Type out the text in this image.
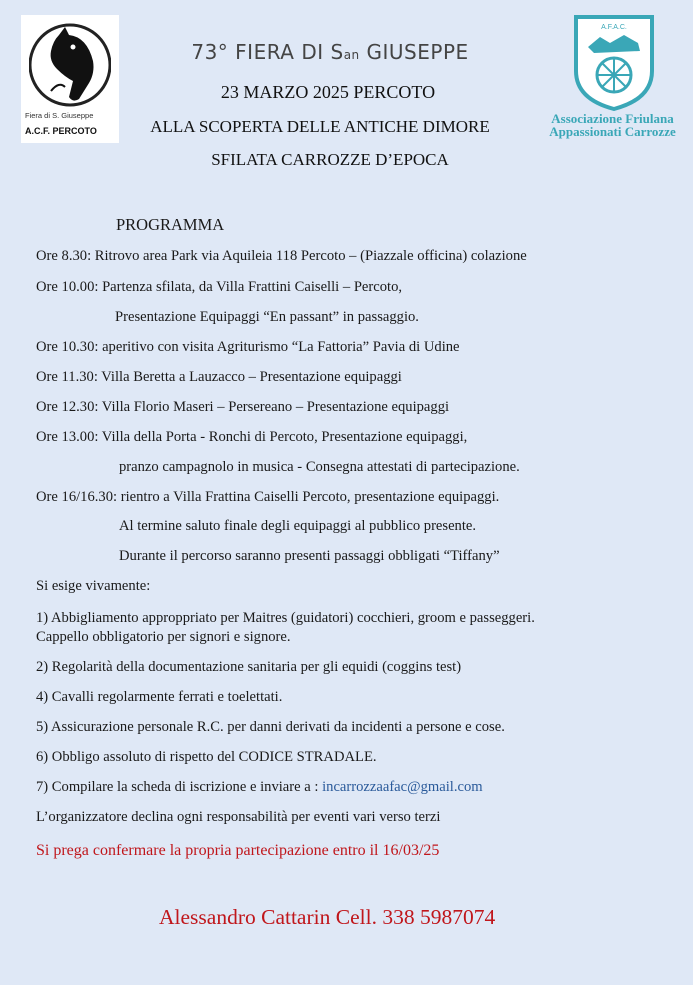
Fiera di S. Giuseppe
A.C.F. PERCOTO
A.F.A.C.
Associazione Friulana
Appassionati Carrozze
73° FIERA DI San GIUSEPPE
23 MARZO 2025 PERCOTO
ALLA SCOPERTA DELLE ANTICHE DIMORE
SFILATA CARROZZE D’EPOCA
PROGRAMMA
Ore 8.30: Ritrovo area Park via Aquileia 118 Percoto – (Piazzale officina) colazione
Ore 10.00: Partenza sfilata, da Villa Frattini Caiselli – Percoto,
Presentazione Equipaggi “En passant” in passaggio.
Ore 10.30: aperitivo con visita Agriturismo “La Fattoria” Pavia di Udine
Ore 11.30: Villa Beretta a Lauzacco – Presentazione equipaggi
Ore 12.30: Villa Florio Maseri – Persereano – Presentazione equipaggi
Ore 13.00: Villa della Porta - Ronchi di Percoto, Presentazione equipaggi,
pranzo campagnolo in musica - Consegna attestati di partecipazione.
Ore 16/16.30: rientro a Villa Frattina Caiselli Percoto, presentazione equipaggi.
Al termine saluto finale degli equipaggi al pubblico presente.
Durante il percorso saranno presenti passaggi obbligati “Tiffany”
Si esige vivamente:
1) Abbigliamento approppriato per Maitres (guidatori) cocchieri, groom e passeggeri.
Cappello obbligatorio per signori e signore.
2) Regolarità della documentazione sanitaria per gli equidi (coggins test)
4) Cavalli regolarmente ferrati e toelettati.
5) Assicurazione personale R.C. per danni derivati da incidenti a persone e cose.
6) Obbligo assoluto di rispetto del CODICE STRADALE.
7) Compilare la scheda di iscrizione e inviare a : incarrozzaafac@gmail.com
L’organizzatore declina ogni responsabilità per eventi vari verso terzi
Si prega confermare la propria partecipazione entro il 16/03/25
Alessandro Cattarin Cell. 338 5987074
